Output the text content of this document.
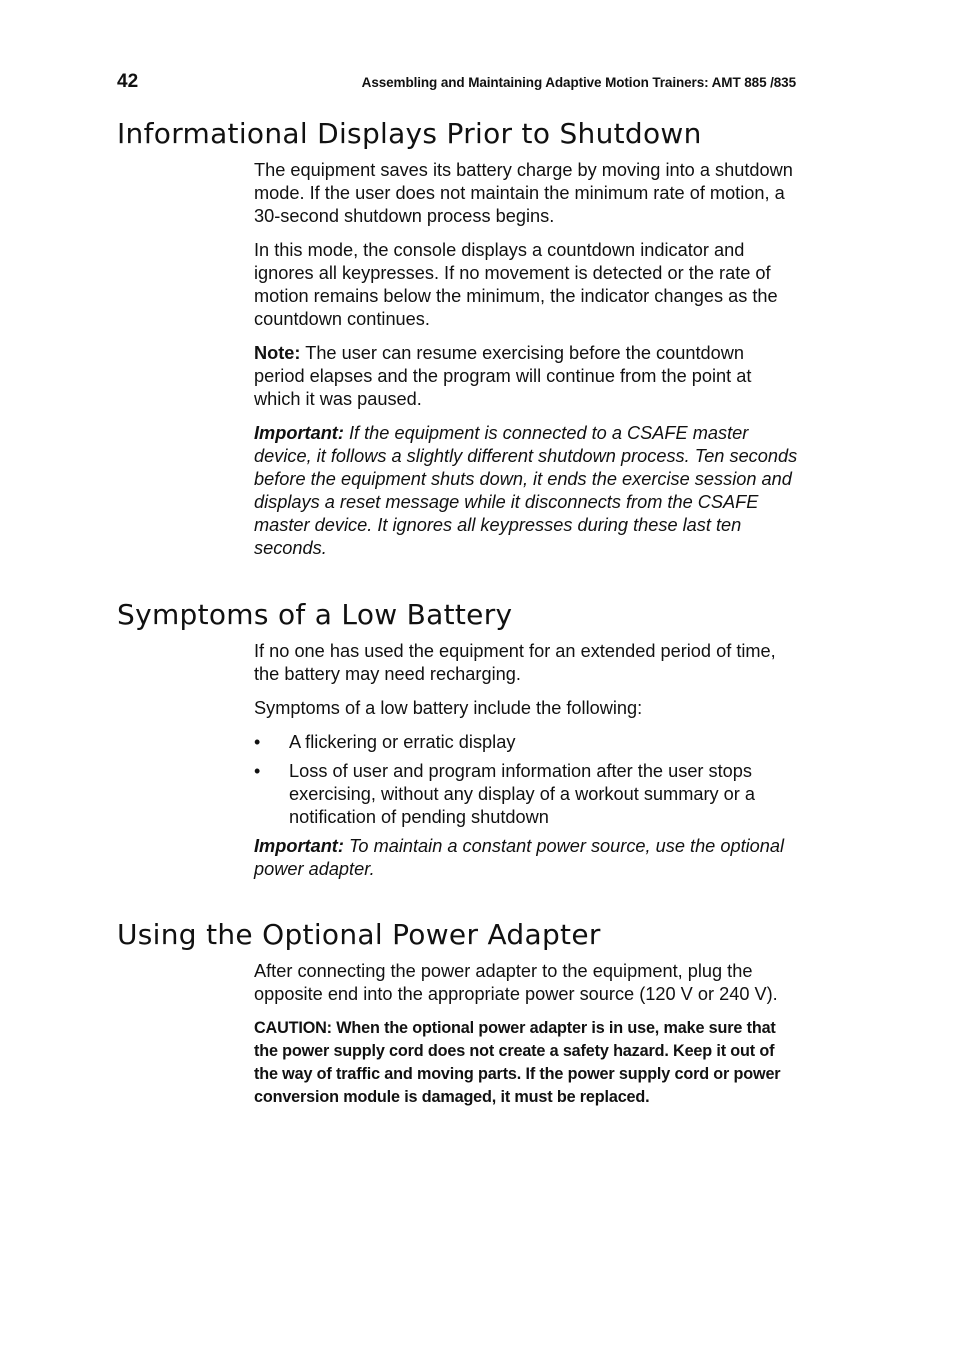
42	Assembling and Maintaining Adaptive Motion Trainers: AMT 885 /835
Informational Displays Prior to Shutdown

The equipment saves its battery charge by moving into a shutdown mode. If the user does not maintain the minimum rate of motion, a 30-second shutdown process begins.

In this mode, the console displays a countdown indicator and ignores all keypresses. If no movement is detected or the rate of motion remains below the minimum, the indicator changes as the countdown continues.

Note: The user can resume exercising before the countdown period elapses and the program will continue from the point at which it was paused.

Important: If the equipment is connected to a CSAFE master device, it follows a slightly different shutdown process. Ten seconds before the equipment shuts down, it ends the exercise session and displays a reset message while it disconnects from the CSAFE master device. It ignores all keypresses during these last ten seconds.

Symptoms of a Low Battery

If no one has used the equipment for an extended period of time, the battery may need recharging.

Symptoms of a low battery include the following:

• A flickering or erratic display
• Loss of user and program information after the user stops exercising, without any display of a workout summary or a notification of pending shutdown

Important: To maintain a constant power source, use the optional power adapter.

Using the Optional Power Adapter

After connecting the power adapter to the equipment, plug the opposite end into the appropriate power source (120 V or 240 V).

CAUTION: When the optional power adapter is in use, make sure that the power supply cord does not create a safety hazard. Keep it out of the way of traffic and moving parts. If the power supply cord or power conversion module is damaged, it must be replaced.
